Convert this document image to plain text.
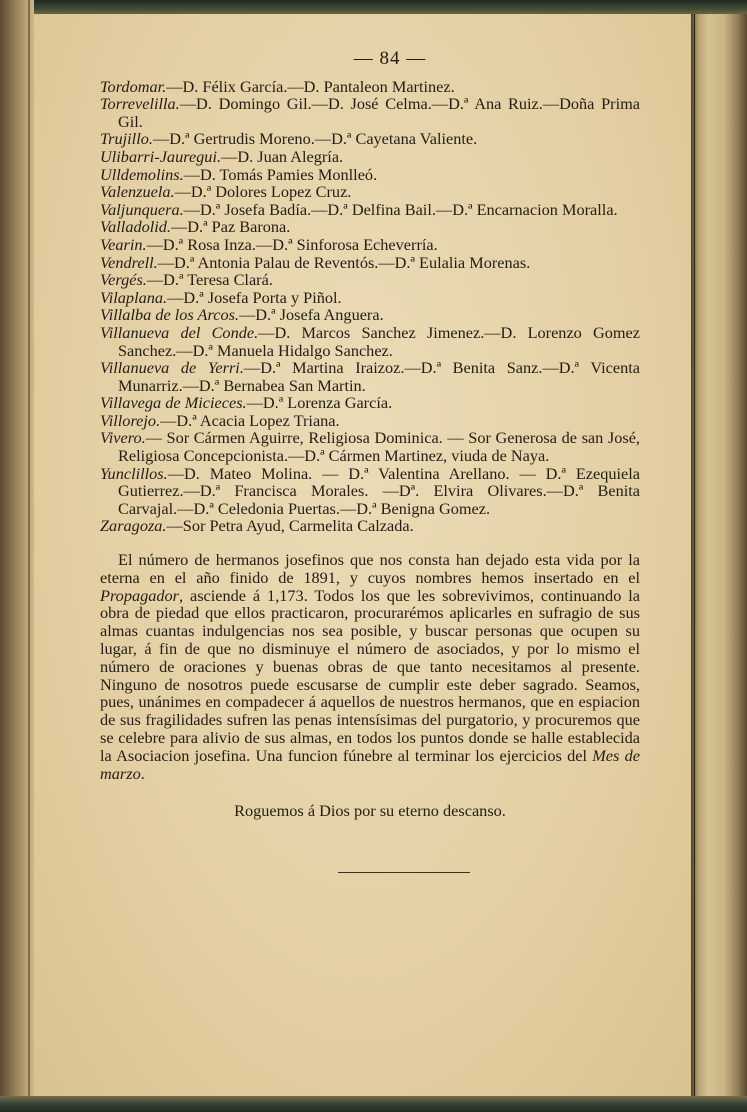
— 84 —

Tordomar.—D. Félix García.—D. Pantaleon Martinez.

Torrevelilla.—D. Domingo Gil.—D. José Celma.—D.ª Ana Ruiz.—Doña Prima Gil.

Trujillo.—D.ª Gertrudis Moreno.—D.ª Cayetana Valiente.

Ulibarri-Jauregui.—D. Juan Alegría.

Ulldemolins.—D. Tomás Pamies Monlleó.

Valenzuela.—D.ª Dolores Lopez Cruz.

Valjunquera.—D.ª Josefa Badía.—D.ª Delfina Bail.—D.ª Encarnacion Moralla.

Valladolid.—D.ª Paz Barona.

Vearin.—D.ª Rosa Inza.—D.ª Sinforosa Echeverría.

Vendrell.—D.ª Antonia Palau de Reventós.—D.ª Eulalia Morenas.

Vergés.—D.ª Teresa Clará.

Vilaplana.—D.ª Josefa Porta y Piñol.

Villalba de los Arcos.—D.ª Josefa Anguera.

Villanueva del Conde.—D. Marcos Sanchez Jimenez.—D. Lorenzo Gomez Sanchez.—D.ª Manuela Hidalgo Sanchez.

Villanueva de Yerri.—D.ª Martina Iraizoz.—D.ª Benita Sanz.—D.ª Vicenta Munarriz.—D.ª Bernabea San Martin.

Villavega de Micieces.—D.ª Lorenza García.

Villorejo.—D.ª Acacia Lopez Triana.

Vivero.— Sor Cármen Aguirre, Religiosa Dominica. — Sor Generosa de san José, Religiosa Concepcionista.—D.ª Cármen Martinez, viuda de Naya.

Yunclillos.—D. Mateo Molina. — D.ª Valentina Arellano. — D.ª Ezequiela Gutierrez.—D.ª Francisca Morales. —Dª. Elvira Olivares.—D.ª Benita Carvajal.—D.ª Celedonia Puertas.—D.ª Benigna Gomez.

Zaragoza.—Sor Petra Ayud, Carmelita Calzada.

El número de hermanos josefinos que nos consta han dejado esta vida por la eterna en el año finido de 1891, y cuyos nombres hemos insertado en el Propagador, asciende á 1,173. Todos los que les sobrevivimos, continuando la obra de piedad que ellos practicaron, procurarémos aplicarles en sufragio de sus almas cuantas indulgencias nos sea posible, y buscar personas que ocupen su lugar, á fin de que no disminuye el número de asociados, y por lo mismo el número de oraciones y buenas obras de que tanto necesitamos al presente. Ninguno de nosotros puede escusarse de cumplir este deber sagrado. Seamos, pues, unánimes en compadecer á aquellos de nuestros hermanos, que en espiacion de sus fragilidades sufren las penas intensísimas del purgatorio, y procuremos que se celebre para alivio de sus almas, en todos los puntos donde se halle establecida la Asociacion josefina. Una funcion fúnebre al terminar los ejercicios del Mes de marzo.

Roguemos á Dios por su eterno descanso.
